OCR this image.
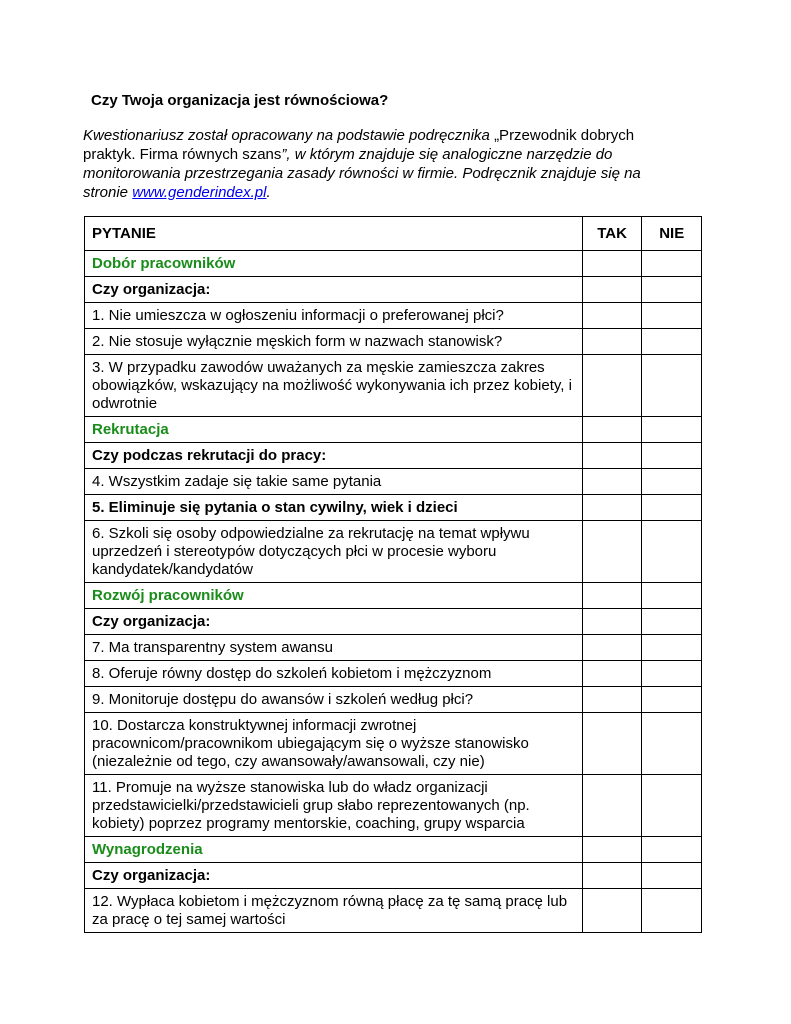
Czy Twoja organizacja jest równościowa?
Kwestionariusz został opracowany na podstawie podręcznika „Przewodnik dobrych praktyk. Firma równych szans”, w którym znajduje się analogiczne narzędzie do monitorowania przestrzegania zasady równości w firmie. Podręcznik znajduje się na stronie www.genderindex.pl.
PYTANIE	TAK	NIE
Dobór pracowników		
Czy organizacja:		
1. Nie umieszcza w ogłoszeniu informacji o preferowanej płci?		
2. Nie stosuje wyłącznie męskich form w nazwach stanowisk?		
3. W przypadku zawodów uważanych za męskie zamieszcza zakres obowiązków, wskazujący na możliwość wykonywania ich przez kobiety, i odwrotnie		
Rekrutacja		
Czy podczas rekrutacji do pracy:		
4. Wszystkim zadaje się takie same pytania		
5. Eliminuje się pytania o stan cywilny, wiek i dzieci		
6. Szkoli się osoby odpowiedzialne za rekrutację na temat wpływu uprzedzeń i stereotypów dotyczących płci w procesie wyboru kandydatek/kandydatów		
Rozwój pracowników		
Czy organizacja:		
7. Ma transparentny system awansu		
8. Oferuje równy dostęp do szkoleń kobietom i mężczyznom		
9. Monitoruje dostępu do awansów i szkoleń według płci?		
10. Dostarcza konstruktywnej informacji zwrotnej pracownicom/pracownikom ubiegającym się o wyższe stanowisko (niezależnie od tego, czy awansowały/awansowali, czy nie)		
11. Promuje na wyższe stanowiska lub do władz organizacji przedstawicielki/przedstawicieli grup słabo reprezentowanych (np. kobiety) poprzez programy mentorskie, coaching, grupy wsparcia		
Wynagrodzenia		
Czy organizacja:		
12. Wypłaca kobietom i mężczyznom równą płacę za tę samą pracę lub za pracę o tej samej wartości		
